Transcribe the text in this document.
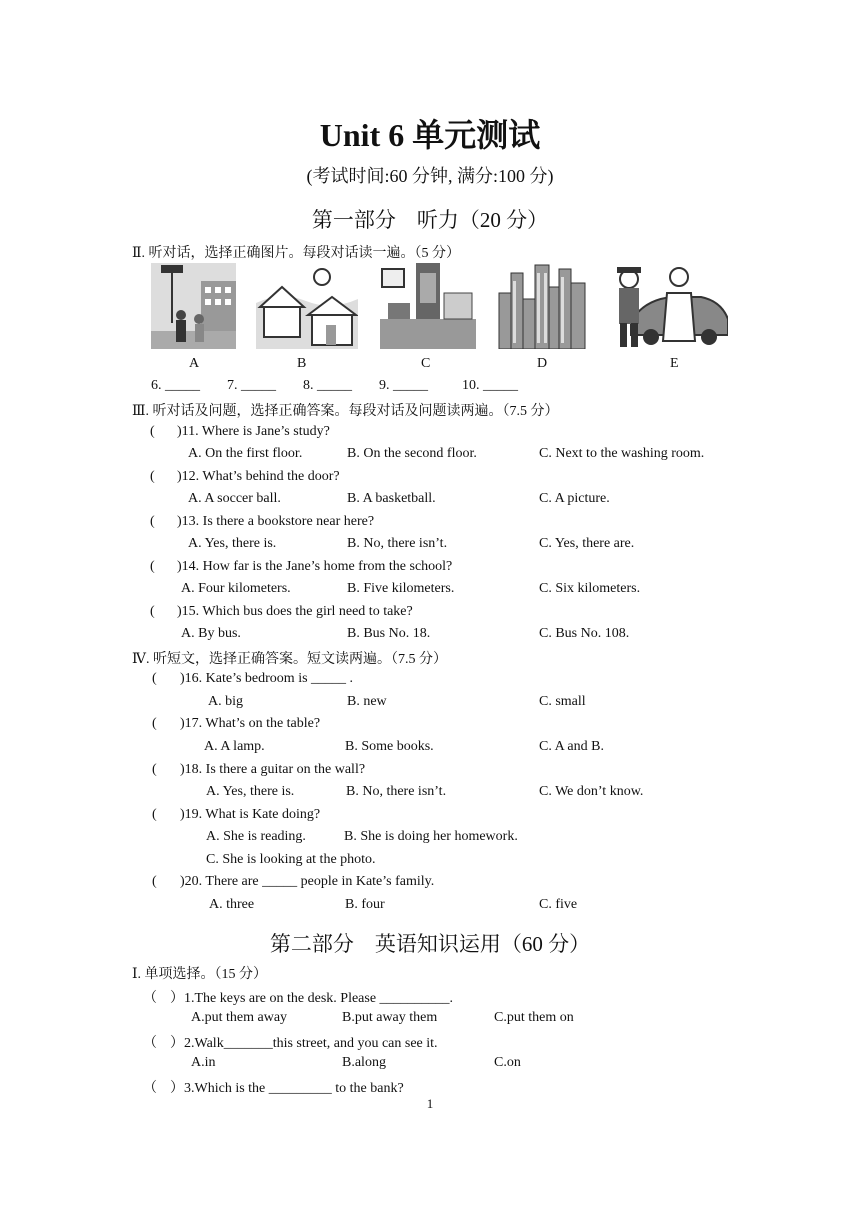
Unit 6 单元测试
(考试时间:60 分钟, 满分:100 分)
第一部分　听力（20 分）
Ⅱ. 听对话，选择正确图片。每段对话读一遍。（5 分）
A	B	C	D	E
6. _____ 7. _____ 8. _____ 9. _____ 10. _____
Ⅲ. 听对话及问题，选择正确答案。每段对话及问题读两遍。（7.5 分）
( )11. Where is Jane’s study?
A. On the first floor.	B. On the second floor.	C. Next to the washing room.
( )12. What’s behind the door?
A. A soccer ball.	B. A basketball.	C. A picture.
( )13. Is there a bookstore near here?
A. Yes, there is.	B. No, there isn’t.	C. Yes, there are.
( )14. How far is the Jane’s home from the school?
A. Four kilometers.	B. Five kilometers.	C. Six kilometers.
( )15. Which bus does the girl need to take?
A. By bus.	B. Bus No. 18.	C. Bus No. 108.
Ⅳ. 听短文，选择正确答案。短文读两遍。（7.5 分）
( )16. Kate’s bedroom is _____ .
A. big	B. new	C. small
( )17. What’s on the table?
A. A lamp.	B. Some books.	C. A and B.
( )18. Is there a guitar on the wall?
A. Yes, there is.	B. No, there isn’t.	C. We don’t know.
( )19. What is Kate doing?
A. She is reading.	B. She is doing her homework.
C. She is looking at the photo.
( )20. There are _____ people in Kate’s family.
A. three	B. four	C. five
第二部分　英语知识运用（60 分）
Ⅰ. 单项选择。（15 分）
（ ）1.The keys are on the desk. Please __________.
A.put them away	B.put away them	C.put them on
（ ）2.Walk_______this street, and you can see it.
A.in	B.along	C.on
（ ）3.Which is the _________ to the bank?
1
